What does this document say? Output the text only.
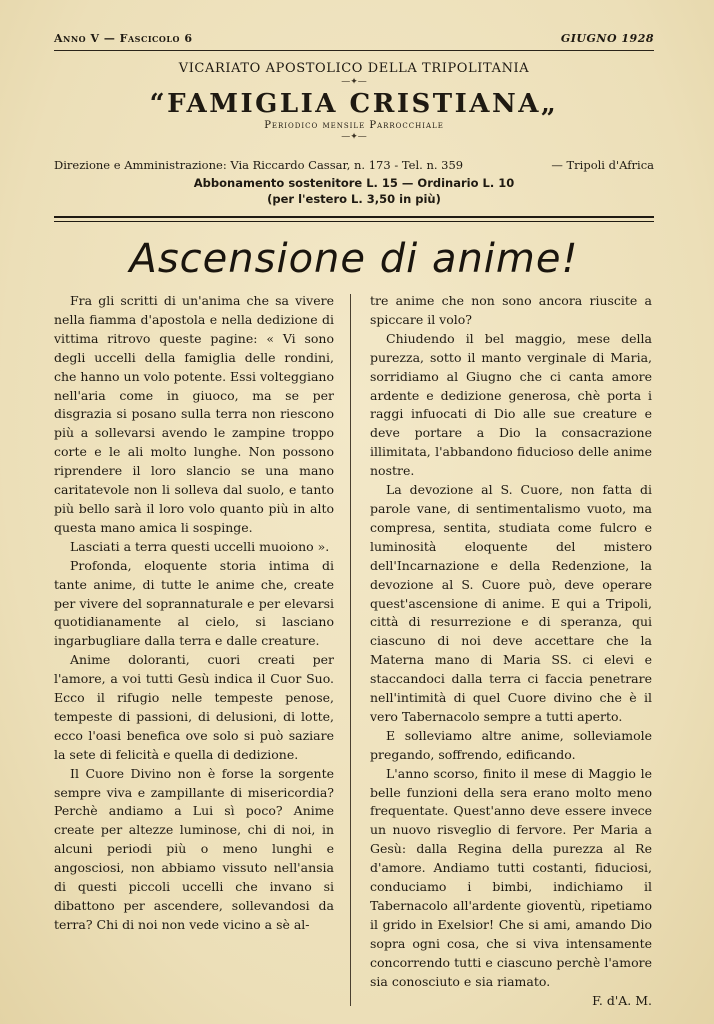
Anno V — Fascicolo 6	GIUGNO 1928
VICARIATO APOSTOLICO DELLA TRIPOLITANIA
—✦—
“FAMIGLIA CRISTIANA„
Periodico mensile Parrocchiale
—✦—
Direzione e Amministrazione: Via Riccardo Cassar, n. 173 - Tel. n. 359	— Tripoli d'Africa
Abbonamento sostenitore L. 15 — Ordinario L. 10
(per l'estero L. 3,50 in più)
Ascensione di anime!

Fra gli scritti di un'anima che sa vivere nella fiamma d'apostola e nella dedizione di vittima ritrovo queste pagine: « Vi sono degli uccelli della famiglia delle rondini, che hanno un volo potente. Essi volteggiano nell'aria come in giuoco, ma se per disgrazia si posano sulla terra non riescono più a sollevarsi avendo le zampine troppo corte e le ali molto lunghe. Non possono riprendere il loro slancio se una mano caritatevole non li solleva dal suolo, e tanto più bello sarà il loro volo quanto più in alto questa mano amica li sospinge.

Lasciati a terra questi uccelli muoiono ».

Profonda, eloquente storia intima di tante anime, di tutte le anime che, create per vivere del soprannaturale e per elevarsi quotidianamente al cielo, si lasciano ingarbugliare dalla terra e dalle creature.

Anime doloranti, cuori creati per l'amore, a voi tutti Gesù indica il Cuor Suo. Ecco il rifugio nelle tempeste penose, tempeste di passioni, di delusioni, di lotte, ecco l'oasi benefica ove solo si può saziare la sete di felicità e quella di dedizione.

Il Cuore Divino non è forse la sorgente sempre viva e zampillante di misericordia? Perchè andiamo a Lui sì poco? Anime create per altezze luminose, chi di noi, in alcuni periodi più o meno lunghi e angosciosi, non abbiamo vissuto nell'ansia di questi piccoli uccelli che invano si dibattono per ascendere, sollevandosi da terra? Chi di noi non vede vicino a sè al-

tre anime che non sono ancora riuscite a spiccare il volo?

Chiudendo il bel maggio, mese della purezza, sotto il manto verginale di Maria, sorridiamo al Giugno che ci canta amore ardente e dedizione generosa, chè porta i raggi infuocati di Dio alle sue creature e deve portare a Dio la consacrazione illimitata, l'abbandono fiducioso delle anime nostre.

La devozione al S. Cuore, non fatta di parole vane, di sentimentalismo vuoto, ma compresa, sentita, studiata come fulcro e luminosità eloquente del mistero dell'Incarnazione e della Redenzione, la devozione al S. Cuore può, deve operare quest'ascensione di anime. E qui a Tripoli, città di resurrezione e di speranza, qui ciascuno di noi deve accettare che la Materna mano di Maria SS. ci elevi e staccandoci dalla terra ci faccia penetrare nell'intimità di quel Cuore divino che è il vero Tabernacolo sempre a tutti aperto.

E solleviamo altre anime, solleviamole pregando, soffrendo, edificando.

L'anno scorso, finito il mese di Maggio le belle funzioni della sera erano molto meno frequentate. Quest'anno deve essere invece un nuovo risveglio di fervore. Per Maria a Gesù: dalla Regina della purezza al Re d'amore. Andiamo tutti costanti, fiduciosi, conduciamo i bimbi, indichiamo il Tabernacolo all'ardente gioventù, ripetiamo il grido in Exelsior! Che si ami, amando Dio sopra ogni cosa, che si viva intensamente concorrendo tutti e ciascuno perchè l'amore sia conosciuto e sia riamato.

F. d'A. M.
